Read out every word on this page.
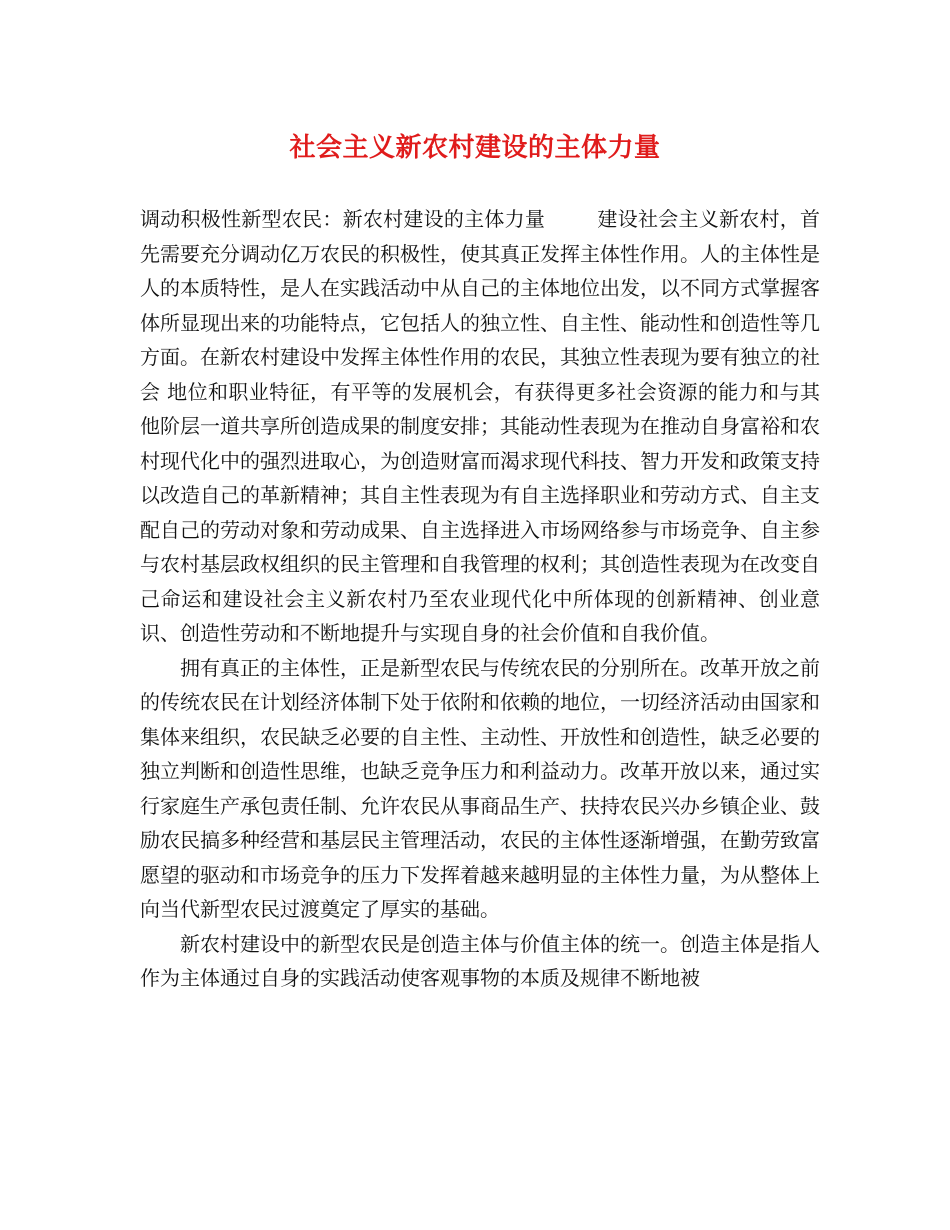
社会主义新农村建设的主体力量

调动积极性新型农民：新农村建设的主体力量	建设社会主义新农村，首先需要充分调动亿万农民的积极性，使其真正发挥主体性作用。人的主体性是人的本质特性，是人在实践活动中从自己的主体地位出发，以不同方式掌握客体所显现出来的功能特点，它包括人的独立性、自主性、能动性和创造性等几方面。在新农村建设中发挥主体性作用的农民，其独立性表现为要有独立的社会 地位和职业特征，有平等的发展机会，有获得更多社会资源的能力和与其他阶层一道共享所创造成果的制度安排；其能动性表现为在推动自身富裕和农村现代化中的强烈进取心，为创造财富而渴求现代科技、智力开发和政策支持以改造自己的革新精神；其自主性表现为有自主选择职业和劳动方式、自主支配自己的劳动对象和劳动成果、自主选择进入市场网络参与市场竞争、自主参与农村基层政权组织的民主管理和自我管理的权利；其创造性表现为在改变自己命运和建设社会主义新农村乃至农业现代化中所体现的创新精神、创业意识、创造性劳动和不断地提升与实现自身的社会价值和自我价值。

拥有真正的主体性，正是新型农民与传统农民的分别所在。改革开放之前的传统农民在计划经济体制下处于依附和依赖的地位，一切经济活动由国家和集体来组织，农民缺乏必要的自主性、主动性、开放性和创造性，缺乏必要的独立判断和创造性思维，也缺乏竞争压力和利益动力。改革开放以来，通过实行家庭生产承包责任制、允许农民从事商品生产、扶持农民兴办乡镇企业、鼓励农民搞多种经营和基层民主管理活动，农民的主体性逐渐增强，在勤劳致富愿望的驱动和市场竞争的压力下发挥着越来越明显的主体性力量，为从整体上向当代新型农民过渡奠定了厚实的基础。

新农村建设中的新型农民是创造主体与价值主体的统一。创造主体是指人作为主体通过自身的实践活动使客观事物的本质及规律不断地被
